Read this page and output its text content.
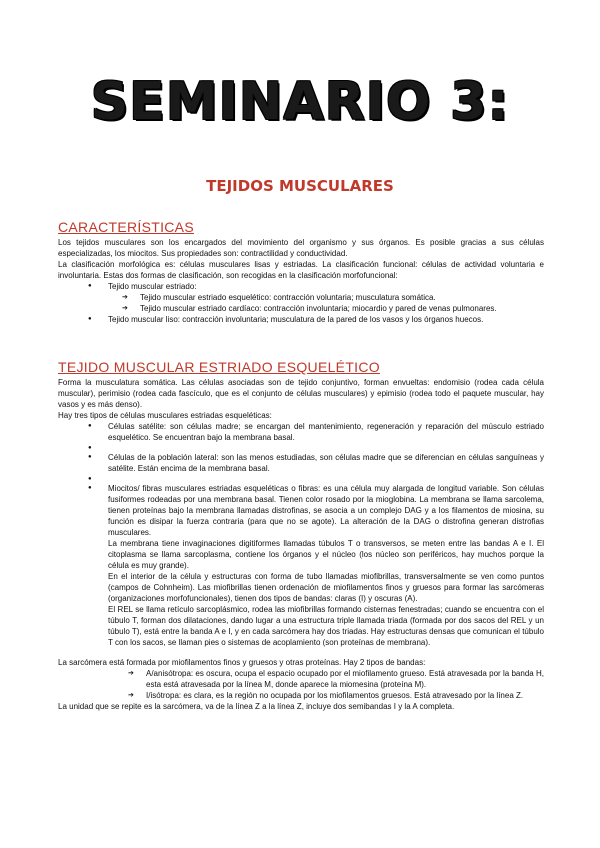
SEMINARIO 3:
TEJIDOS MUSCULARES
CARACTERÍSTICAS

Los tejidos musculares son los encargados del movimiento del organismo y sus órganos. Es posible gracias a sus células especializadas, los miocitos. Sus propiedades son: contractilidad y conductividad.

La clasificación morfológica es: células musculares lisas y estriadas. La clasificación funcional: células de actividad voluntaria e involuntaria. Estas dos formas de clasificación, son recogidas en la clasificación morfofuncional:

● Tejido muscular estriado:
➔ Tejido muscular estriado esquelético: contracción voluntaria; musculatura somática.
➔ Tejido muscular estriado cardíaco: contracción involuntaria; miocardio y pared de venas pulmonares.
● Tejido muscular liso: contracción involuntaria; musculatura de la pared de los vasos y los órganos huecos.
TEJIDO MUSCULAR ESTRIADO ESQUELÉTICO

Forma la musculatura somática. Las células asociadas son de tejido conjuntivo, forman envueltas: endomisio (rodea cada célula muscular), perimisio (rodea cada fascículo, que es el conjunto de células musculares) y epimisio (rodea todo el paquete muscular, hay vasos y es más denso).

Hay tres tipos de células musculares estriadas esqueléticas:

● Células satélite: son células madre; se encargan del mantenimiento, regeneración y reparación del músculo estriado esquelético. Se encuentran bajo la membrana basal.
●
● Células de la población lateral: son las menos estudiadas, son células madre que se diferencian en células sanguíneas y satélite. Están encima de la membrana basal.
●
● Miocitos/ fibras musculares estriadas esqueléticas o fibras: es una célula muy alargada de longitud variable. Son células fusiformes rodeadas por una membrana basal. Tienen color rosado por la mioglobina. La membrana se llama sarcolema, tienen proteínas bajo la membrana llamadas distrofinas, se asocia a un complejo DAG y a los filamentos de miosina, su función es disipar la fuerza contraria (para que no se agote). La alteración de la DAG o distrofina generan distrofias musculares.
La membrana tiene invaginaciones digitiformes llamadas túbulos T o transversos, se meten entre las bandas A e I. El citoplasma se llama sarcoplasma, contiene los órganos y el núcleo (los núcleo son periféricos, hay muchos porque la célula es muy grande).
En el interior de la célula y estructuras con forma de tubo llamadas miofibrillas, transversalmente se ven como puntos (campos de Cohnheim). Las miofibrillas tienen ordenación de miofilamentos finos y gruesos para formar las sarcómeras (organizaciones morfofuncionales), tienen dos tipos de bandas: claras (I) y oscuras (A).
El REL se llama retículo sarcoplásmico, rodea las miofibrillas formando cisternas fenestradas; cuando se encuentra con el túbulo T, forman dos dilataciones, dando lugar a una estructura triple llamada triada (formada por dos sacos del REL y un túbulo T), está entre la banda A e I, y en cada sarcómera hay dos triadas. Hay estructuras densas que comunican el túbulo T con los sacos, se llaman pies o sistemas de acoplamiento (son proteínas de membrana).

La sarcómera está formada por miofilamentos finos y gruesos y otras proteínas. Hay 2 tipos de bandas:

➔ A/anisótropa: es oscura, ocupa el espacio ocupado por el miofilamento grueso. Está atravesada por la banda H, esta está atravesada por la línea M, donde aparece la miomesina (proteína M).
➔ I/isótropa: es clara, es la región no ocupada por los miofilamentos gruesos. Está atravesado por la línea Z.

La unidad que se repite es la sarcómera, va de la línea Z a la línea Z, incluye dos semibandas I y la A completa.
